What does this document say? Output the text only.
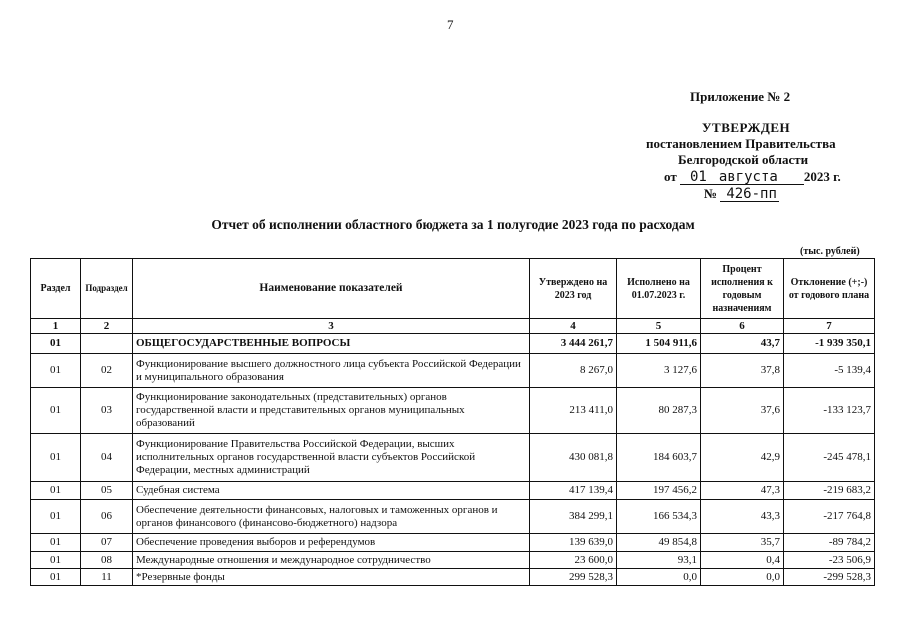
7
Приложение № 2
УТВЕРЖДЕН
постановлением Правительства
Белгородской области
от 01 августа 2023 г.
№ 426-пп
Отчет об исполнении областного бюджета за 1 полугодие 2023 года по расходам
(тыс. рублей)
Раздел	Подраздел	Наименование показателей	Утверждено на 2023 год	Исполнено на 01.07.2023 г.	Процент исполнения к годовым назначениям	Отклонение (+;-) от годового плана
1	2	3	4	5	6	7
01		ОБЩЕГОСУДАРСТВЕННЫЕ ВОПРОСЫ	3 444 261,7	1 504 911,6	43,7	-1 939 350,1
01	02	Функционирование высшего должностного лица субъекта Российской Федерации и муниципального образования	8 267,0	3 127,6	37,8	-5 139,4
01	03	Функционирование законодательных (представительных) органов государственной власти и представительных органов муниципальных образований	213 411,0	80 287,3	37,6	-133 123,7
01	04	Функционирование Правительства Российской Федерации, высших исполнительных органов государственной власти субъектов Российской Федерации, местных администраций	430 081,8	184 603,7	42,9	-245 478,1
01	05	Судебная система	417 139,4	197 456,2	47,3	-219 683,2
01	06	Обеспечение деятельности финансовых, налоговых и таможенных органов и органов финансового (финансово-бюджетного) надзора	384 299,1	166 534,3	43,3	-217 764,8
01	07	Обеспечение проведения выборов и референдумов	139 639,0	49 854,8	35,7	-89 784,2
01	08	Международные отношения и международное сотрудничество	23 600,0	93,1	0,4	-23 506,9
01	11	*Резервные фонды	299 528,3	0,0	0,0	-299 528,3
